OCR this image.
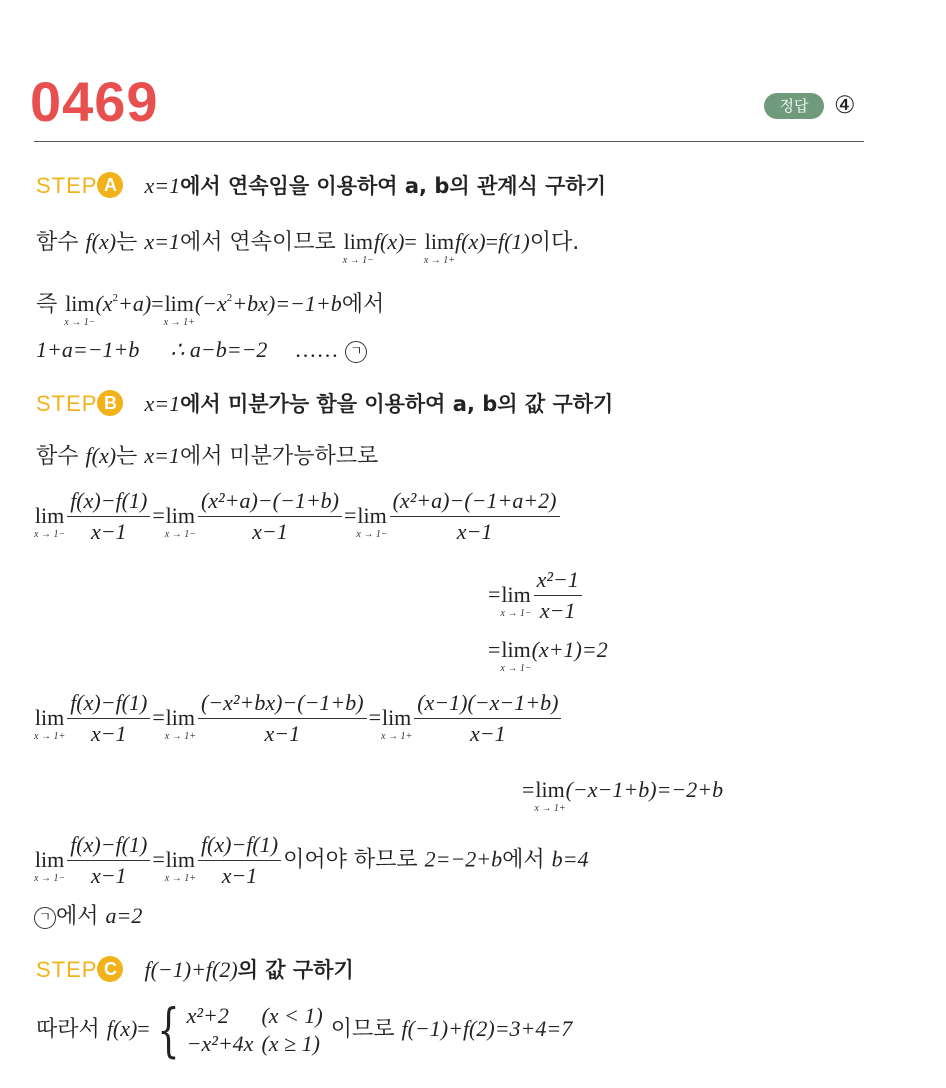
0469	정답	④
STEP A x=1에서 연속임을 이용하여 a, b의 관계식 구하기
함수 f(x)는 x=1에서 연속이므로 lim
x → 1−
f(x)= lim
x → 1+
f(x)=f(1)이다.
즉 lim
x → 1−
$(x^2+a)= \lim$
x → 1+
$(-x^2+bx)=-1+b$에서
1+a=−1+b ∴ a−b=−2 …… ㄱ
STEP B x=1에서 미분가능 함을 이용하여 a, b의 값 구하기
함수 f(x)는 x=1에서 미분가능하므로
lim
$x \to 1- \frac{f(x)-f(1)}{x-1} = \lim$
$x \to 1- \frac{\text{(x²+a)−(−1+b)}}{x-1} = \lim$
$x \to 1- \frac{\text{(x²+a)−(−1+a+2)}}{x-1}$
= lim
$x \to 1- \frac{\text{x²−1}}{x-1}$
= lim
x → 1−
(x+1)=2
lim
$x \to 1+ \frac{f(x)-f(1)}{x-1} = \lim$
$x \to 1+ \frac{\text{(−x²+bx)−(−1+b)}}{x-1} = \lim$
$x \to 1+ \frac{(x-1)(-x-1+b)}{x-1}$
= lim
x → 1+
(−x−1+b)=−2+b
lim
$x \to 1- \frac{f(x)-f(1)}{x-1} = \lim$
$x \to 1+ \frac{f(x)-f(1)}{x-1}$ 이어야 하므로 2=−2+b에서 b=4
ㄱ 에서 a=2
STEP C f(−1)+f(2)의 값 구하기
따라서 f(x)= { x²+2	(x < 1)
−x²+4x	(x ≥ 1)이므로 f(−1)+f(2)=3+4=7
